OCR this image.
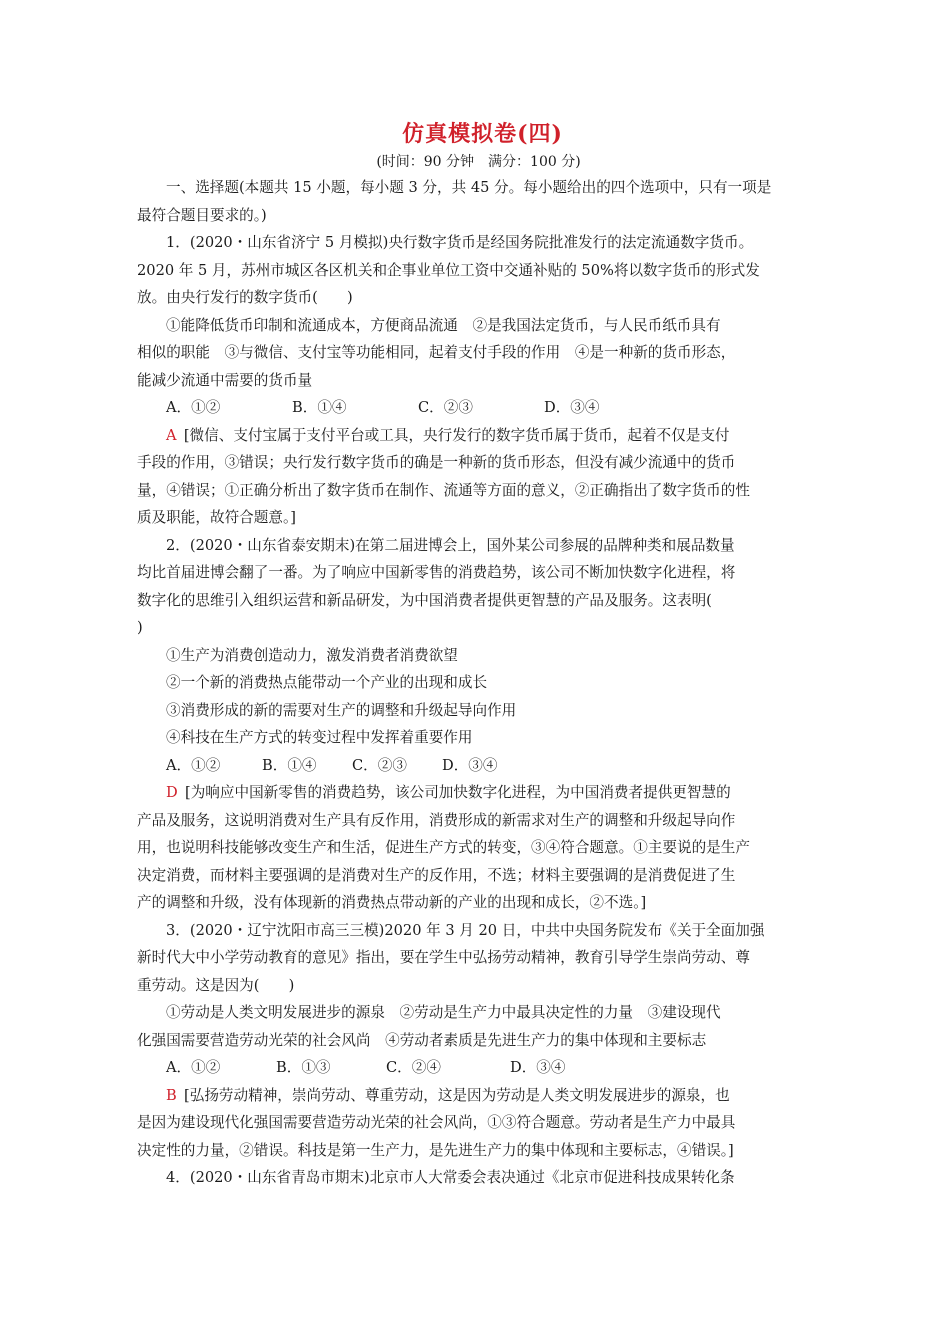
仿真模拟卷(四)
(时间：90 分钟　满分：100 分)
一、选择题(本题共 15 小题，每小题 3 分，共 45 分。每小题给出的四个选项中，只有一项是
最符合题目要求的。)
1．(2020・山东省济宁 5 月模拟)央行数字货币是经国务院批准发行的法定流通数字货币。
2020 年 5 月，苏州市城区各区机关和企事业单位工资中交通补贴的 50%将以数字货币的形式发
放。由央行发行的数字货币(　　)
①能降低货币印制和流通成本，方便商品流通　②是我国法定货币，与人民币纸币具有
相似的职能　③与微信、支付宝等功能相同，起着支付手段的作用　④是一种新的货币形态，
能减少流通中需要的货币量
A．①②	B．①④	C．②③	D．③④
A  [微信、支付宝属于支付平台或工具，央行发行的数字货币属于货币，起着不仅是支付
手段的作用，③错误；央行发行数字货币的确是一种新的货币形态，但没有减少流通中的货币
量，④错误；①正确分析出了数字货币在制作、流通等方面的意义，②正确指出了数字货币的性
质及职能，故符合题意。]
2．(2020・山东省泰安期末)在第二届进博会上，国外某公司参展的品牌种类和展品数量
均比首届进博会翻了一番。为了响应中国新零售的消费趋势，该公司不断加快数字化进程，将
数字化的思维引入组织运营和新品研发，为中国消费者提供更智慧的产品及服务。这表明(
)
①生产为消费创造动力，激发消费者消费欲望
②一个新的消费热点能带动一个产业的出现和成长
③消费形成的新的需要对生产的调整和升级起导向作用
④科技在生产方式的转变过程中发挥着重要作用
A．①②	B．①④ C．②③ D．③④
D  [为响应中国新零售的消费趋势，该公司加快数字化进程，为中国消费者提供更智慧的
产品及服务，这说明消费对生产具有反作用，消费形成的新需求对生产的调整和升级起导向作
用，也说明科技能够改变生产和生活，促进生产方式的转变，③④符合题意。①主要说的是生产
决定消费，而材料主要强调的是消费对生产的反作用，不选；材料主要强调的是消费促进了生
产的调整和升级，没有体现新的消费热点带动新的产业的出现和成长，②不选。]
3．(2020・辽宁沈阳市高三三模)2020 年 3 月 20 日，中共中央国务院发布《关于全面加强
新时代大中小学劳动教育的意见》指出，要在学生中弘扬劳动精神，教育引导学生崇尚劳动、尊
重劳动。这是因为(　　)
①劳动是人类文明发展进步的源泉　②劳动是生产力中最具决定性的力量　③建设现代
化强国需要营造劳动光荣的社会风尚　④劳动者素质是先进生产力的集中体现和主要标志
A．①②	B．①③	C．②④	D．③④
B  [弘扬劳动精神，崇尚劳动、尊重劳动，这是因为劳动是人类文明发展进步的源泉，也
是因为建设现代化强国需要营造劳动光荣的社会风尚，①③符合题意。劳动者是生产力中最具
决定性的力量，②错误。科技是第一生产力，是先进生产力的集中体现和主要标志，④错误。]
4．(2020・山东省青岛市期末)北京市人大常委会表决通过《北京市促进科技成果转化条
